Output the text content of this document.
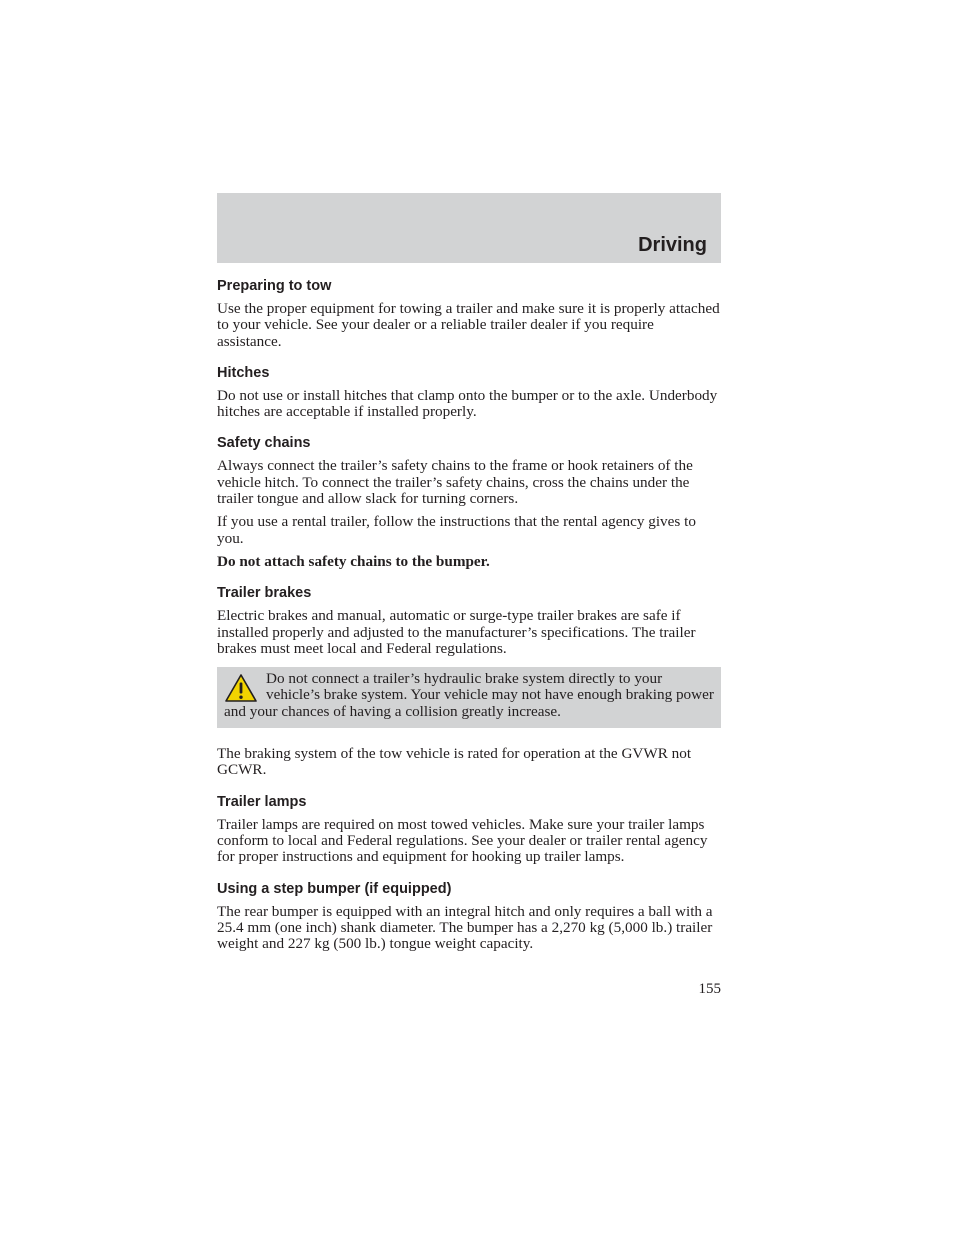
Driving
Preparing to tow

Use the proper equipment for towing a trailer and make sure it is properly attached to your vehicle. See your dealer or a reliable trailer dealer if you require assistance.

Hitches

Do not use or install hitches that clamp onto the bumper or to the axle. Underbody hitches are acceptable if installed properly.

Safety chains

Always connect the trailer’s safety chains to the frame or hook retainers of the vehicle hitch. To connect the trailer’s safety chains, cross the chains under the trailer tongue and allow slack for turning corners.

If you use a rental trailer, follow the instructions that the rental agency gives to you.

Do not attach safety chains to the bumper.

Trailer brakes

Electric brakes and manual, automatic or surge-type trailer brakes are safe if installed properly and adjusted to the manufacturer’s specifications. The trailer brakes must meet local and Federal regulations.

Do not connect a trailer’s hydraulic brake system directly to your vehicle’s brake system. Your vehicle may not have enough braking power and your chances of having a collision greatly increase.

The braking system of the tow vehicle is rated for operation at the GVWR not GCWR.

Trailer lamps

Trailer lamps are required on most towed vehicles. Make sure your trailer lamps conform to local and Federal regulations. See your dealer or trailer rental agency for proper instructions and equipment for hooking up trailer lamps.

Using a step bumper (if equipped)

The rear bumper is equipped with an integral hitch and only requires a ball with a 25.4 mm (one inch) shank diameter. The bumper has a 2,270 kg (5,000 lb.) trailer weight and 227 kg (500 lb.) tongue weight capacity.

155
